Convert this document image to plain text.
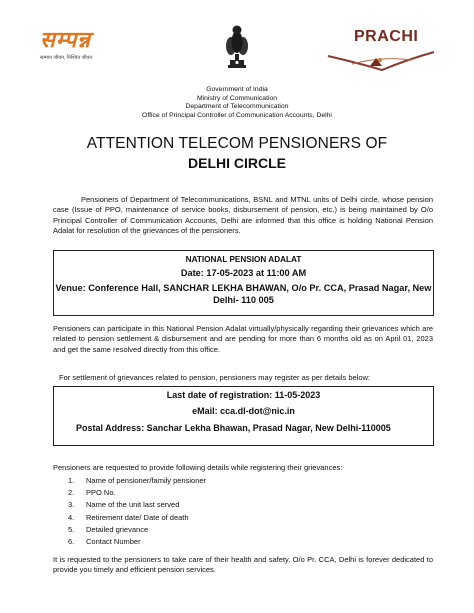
सम्पन्न
सम्मान जीवन, निश्चित जीवन
PRACHI
Government of India
Ministry of Communication
Department of Telecommunication
Office of Principal Controller of Communication Accounts, Delhi
ATTENTION TELECOM PENSIONERS OF
DELHI CIRCLE
Pensioners of Department of Telecommunications, BSNL and MTNL units of Delhi circle, whose pension case (Issue of PPO, maintenance of service books, disbursement of pension, etc.) is being maintained by O/o Principal Controller of Communication Accounts, Delhi are informed that this office is holding National Pension Adalat for resolution of the grievances of the pensioners.
NATIONAL PENSION ADALAT
Date: 17-05-2023 at 11:00 AM
Venue: Conference Hall, SANCHAR LEKHA BHAWAN, O/o Pr. CCA, Prasad Nagar, New Delhi- 110 005
Pensioners can participate in this National Pension Adalat virtually/physically regarding their grievances which are related to pension settlement & disbursement and are pending for more than 6 months old as on April 01, 2023 and get the same resolved directly from this office.
For settlement of grievances related to pension, pensioners may register as per details below:
Last date of registration: 11-05-2023
eMail: cca.dl-dot@nic.in
Postal Address: Sanchar Lekha Bhawan, Prasad Nagar, New Delhi-110005
Pensioners are requested to provide following details while registering their grievances:
1. Name of pensioner/family pensioner
2. PPO No.
3. Name of the unit last served
4. Retirement date/ Date of death
5. Detailed grievance
6. Contact Number
It is requested to the pensioners to take care of their health and safety. O/o Pr. CCA, Delhi is forever dedicated to provide you timely and efficient pension services.
